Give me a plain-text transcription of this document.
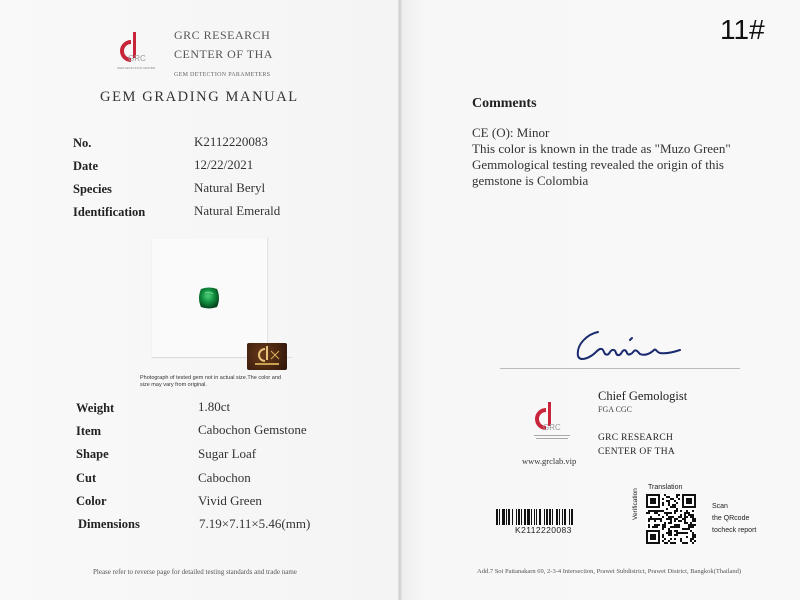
GRC
GEM DETECTION CENTER
GRC RESEARCH
CENTER OF THA
GEM DETECTION PARAMETERS
GEM GRADING MANUAL
No.	K2112220083
Date	12/22/2021
Species	Natural Beryl
Identification	Natural Emerald
Photograph of tested gem not in actual size.The color and size may vary from original.
Weight	1.80ct
Item	Cabochon Gemstone
Shape	Sugar Loaf
Cut	Cabochon
Color	Vivid Green
Dimensions	7.19×7.11×5.46(mm)
Please refer to reverse page for detailed testing standards and trade name
11#
Comments
CE (O): Minor
This color is known in the trade as "Muzo Green"
Gemmological testing revealed the origin of this
gemstone is Colombia
GRC
Chief Gemologist
FGA CGC
GRC RESEARCH
CENTER OF THA
www.grclab.vip
K2112220083
Translation
Verification	Scan
the QRcode
tocheck report
Add.7 Soi Pattanakarn 69, 2-3-4 Intersection, Prawet Subdistrict, Prawet District, Bangkok(Thailand)
